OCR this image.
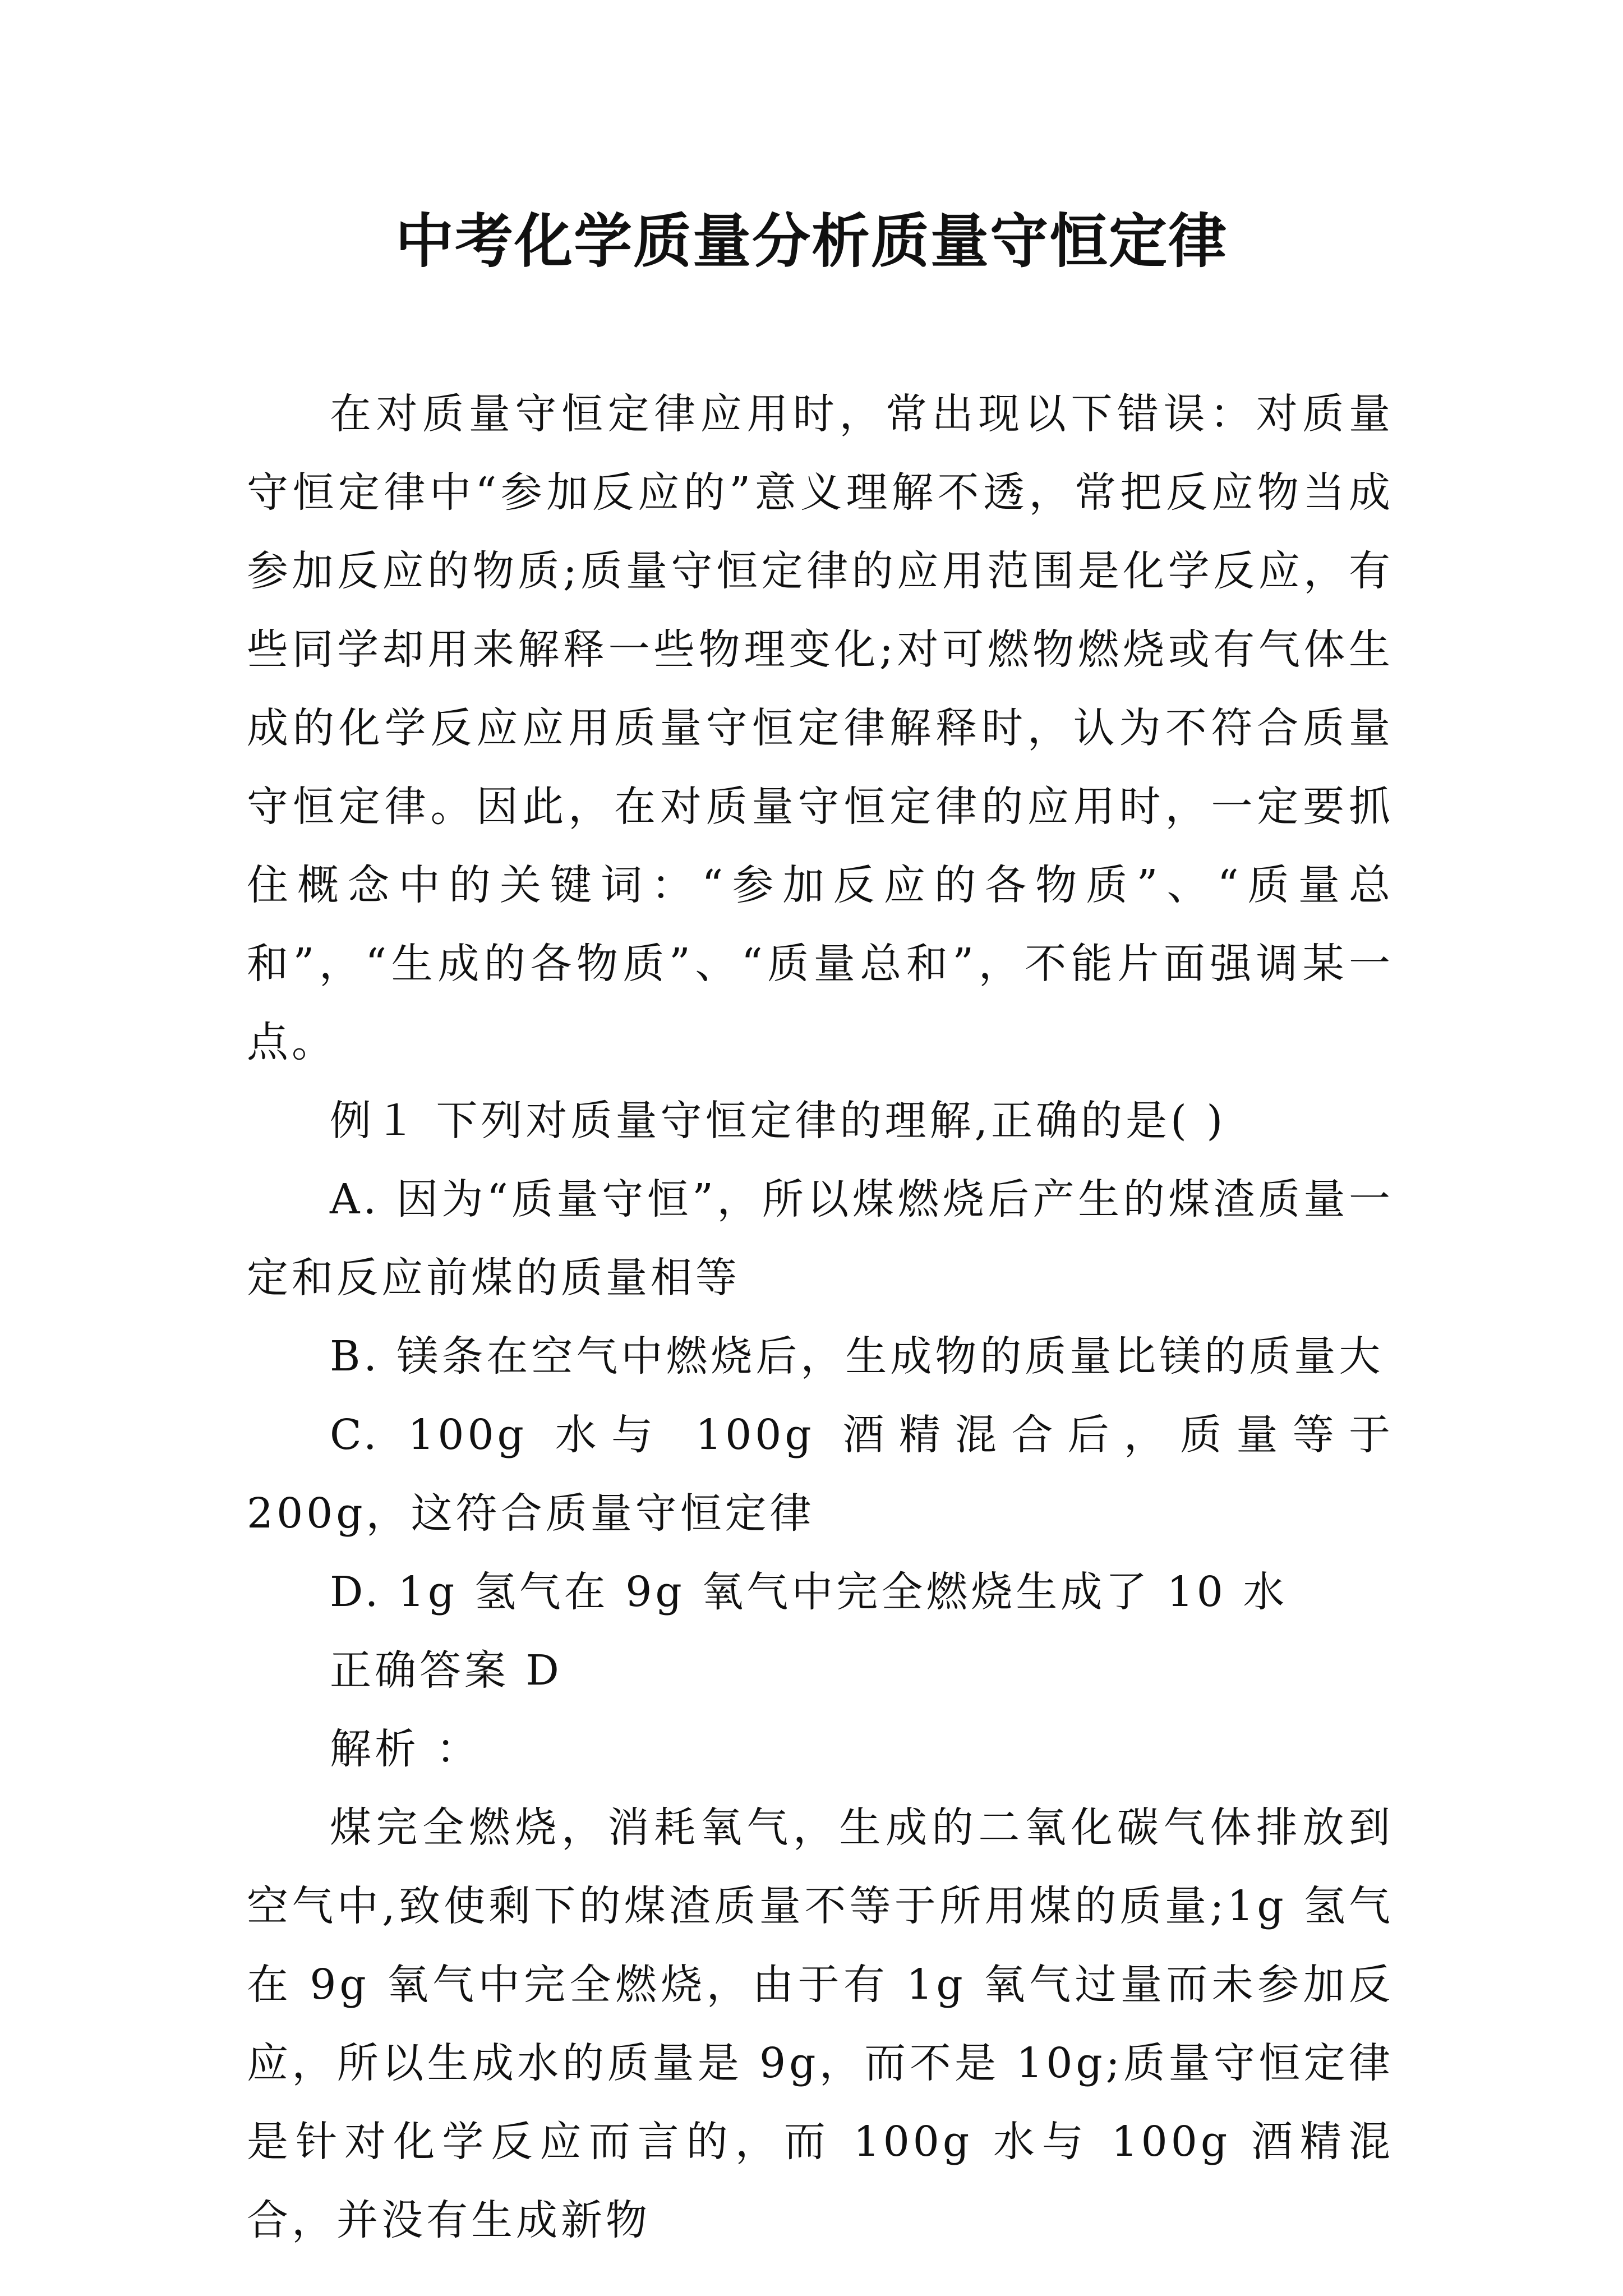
中考化学质量分析质量守恒定律

在对质量守恒定律应用时，常出现以下错误：对质量守恒定律中“参加反应的”意义理解不透，常把反应物当成参加反应的物质;质量守恒定律的应用范围是化学反应，有些同学却用来解释一些物理变化;对可燃物燃烧或有气体生成的化学反应应用质量守恒定律解释时，认为不符合质量守恒定律。因此，在对质量守恒定律的应用时，一定要抓住概念中的关键词：“参加反应的各物质”、“质量总和”，“生成的各物质”、“质量总和”，不能片面强调某一点。

例１ 下列对质量守恒定律的理解,正确的是( )

A. 因为“质量守恒”，所以煤燃烧后产生的煤渣质量一定和反应前煤的质量相等

B. 镁条在空气中燃烧后，生成物的质量比镁的质量大

C. 100g 水与 100g 酒精混合后，质量等于 200g，这符合质量守恒定律

D. 1g 氢气在 9g 氧气中完全燃烧生成了 10 水

正确答案 D

解析 ：

煤完全燃烧，消耗氧气，生成的二氧化碳气体排放到空气中,致使剩下的煤渣质量不等于所用煤的质量;1g 氢气在 9g 氧气中完全燃烧，由于有 1g 氧气过量而未参加反应，所以生成水的质量是 9g，而不是 10g;质量守恒定律是针对化学反应而言的，而 100g 水与 100g 酒精混合，并没有生成新物
